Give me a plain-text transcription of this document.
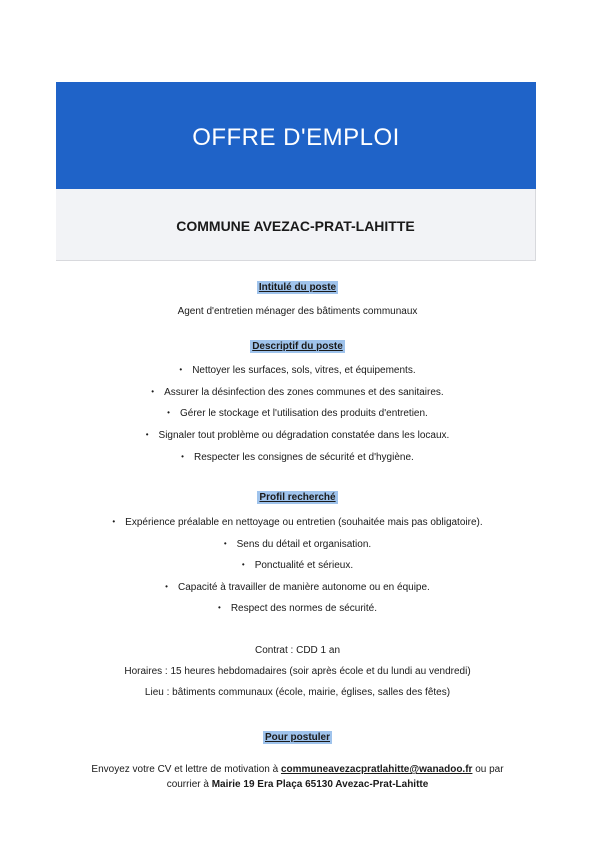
OFFRE D'EMPLOI
COMMUNE AVEZAC-PRAT-LAHITTE
Intitulé du poste
Agent d'entretien ménager des bâtiments communaux
Descriptif du poste
• Nettoyer les surfaces, sols, vitres, et équipements.
• Assurer la désinfection des zones communes et des sanitaires.
• Gérer le stockage et l'utilisation des produits d'entretien.
• Signaler tout problème ou dégradation constatée dans les locaux.
• Respecter les consignes de sécurité et d'hygiène.
Profil recherché
• Expérience préalable en nettoyage ou entretien (souhaitée mais pas obligatoire).
• Sens du détail et organisation.
• Ponctualité et sérieux.
• Capacité à travailler de manière autonome ou en équipe.
• Respect des normes de sécurité.
Contrat : CDD 1 an
Horaires : 15 heures hebdomadaires (soir après école et du lundi au vendredi)
Lieu : bâtiments communaux (école, mairie, églises, salles des fêtes)
Pour postuler
Envoyez votre CV et lettre de motivation à communeavezacpratlahitte@wanadoo.fr ou par
courrier à Mairie 19 Era Plaça 65130 Avezac-Prat-Lahitte
